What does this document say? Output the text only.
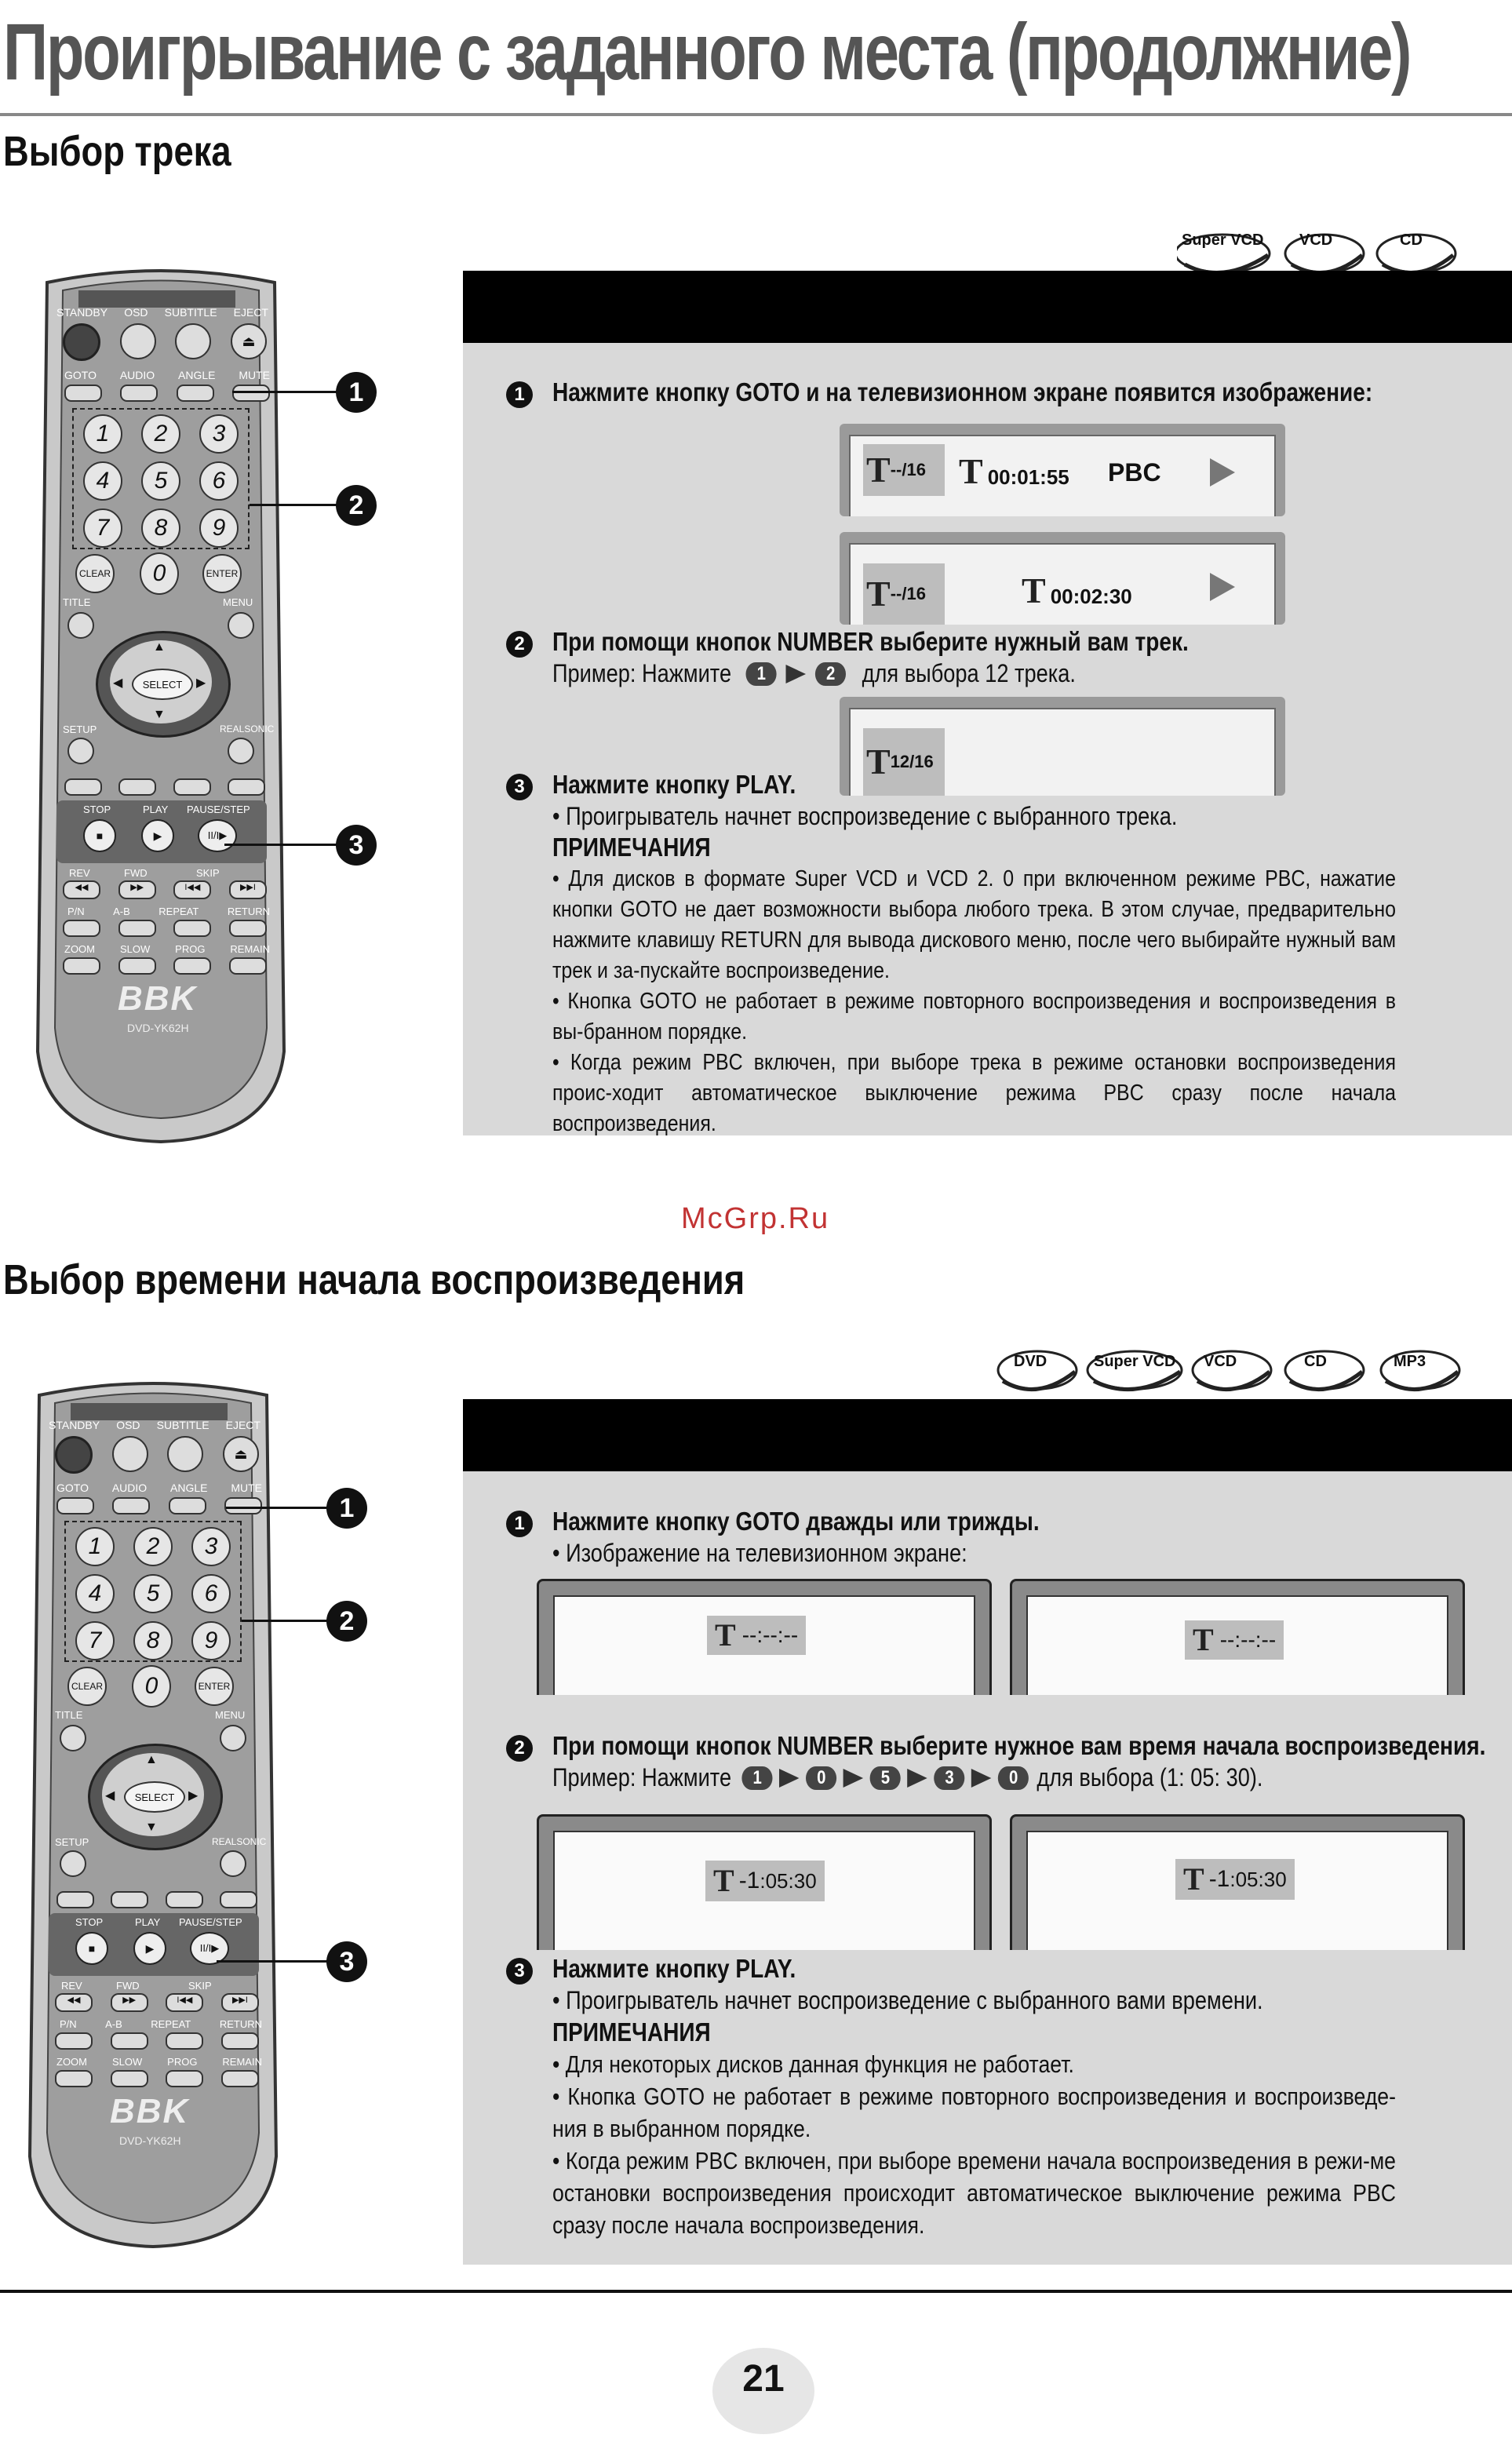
Проигрывание с заданного места (продолжние)
Выбор трека
Super VCD VCD	CD
STANDBY OSD SUBTITLE EJECT
⏏
GOTO AUDIO ANGLE MUTE
1	2	3
4	5	6
7	8	9
CLEAR	0	ENTER
TITLE	MENU
SELECT
▲
▼
◀	▶
SETUP	REALSONIC
STOP	PLAY PAUSE/STEP
■	▶	II/I▶
REV	FWD	SKIP
◀◀	▶▶	I◀◀	▶▶I
P/N	A-B	REPEAT	RETURN
ZOOM SLOW PROG REMAIN
BBK
DVD-YK62H
1
2
3
1	Нажмите кнопку GOTO и на телевизионном экране появится изображение:
T --/16 T 00:01:55 PBC
T --/16	T 00:02:30
2	При помощи кнопок NUMBER выберите нужный вам трек.
Пример: Нажмите	1	2	для выбора 12 трека.
T 12/16
3	Нажмите кнопку PLAY.
• Проигрыватель начнет воспроизведение с выбранного трека.
ПРИМЕЧАНИЯ
• Для дисков в формате Super VCD и VCD 2. 0 при включенном режиме PBC, нажатие кнопки GOTO не дает возможности выбора любого трека. В этом случае, предварительно нажмите клавишу RETURN для вывода дискового меню, после чего выбирайте нужный вам трек и за-пускайте воспроизведение.
• Кнопка GOTO не работает в режиме повторного воспроизведения и воспроизведения в вы-бранном порядке.
• Когда режим PBC включен, при выборе трека в режиме остановки воспроизведения проис-ходит автоматическое выключение режима PBC сразу после начала воспроизведения.
McGrp.Ru
Выбор времени начала воспроизведения
DVD	Super VCD VCD	CD	MP3
STANDBY OSD SUBTITLE EJECT
⏏
GOTO AUDIO ANGLE MUTE
1	2	3
4	5	6
7	8	9
CLEAR	0	ENTER
TITLE	MENU
SELECT
▲
▼
◀	▶
SETUP	REALSONIC
STOP	PLAY PAUSE/STEP
■	▶	II/I▶
REV	FWD	SKIP
◀◀	▶▶	I◀◀	▶▶I
P/N	A-B	REPEAT	RETURN
ZOOM SLOW PROG REMAIN
BBK
DVD-YK62H
1
2
3
1	Нажмите кнопку GOTO дважды или трижды.
• Изображение на телевизионном экране:
T --:--:--	T --:--:--
2	При помощи кнопок NUMBER выберите нужное вам время начала воспроизведения.
Пример: Нажмите	1	0	5	3	0 для выбора (1: 05: 30).
T -1 :05:30	T -1 :05:30
3	Нажмите кнопку PLAY.
• Проигрыватель начнет воспроизведение с выбранного вами времени.
ПРИМЕЧАНИЯ
• Для некоторых дисков данная функция не работает.
• Кнопка GOTO не работает в режиме повторного воспроизведения и воспроизведе-ния в выбранном порядке.
• Когда режим PBC включен, при выборе времени начала воспроизведения в режи-ме остановки воспроизведения происходит автоматическое выключение режима PBC сразу после начала воспроизведения.
21
